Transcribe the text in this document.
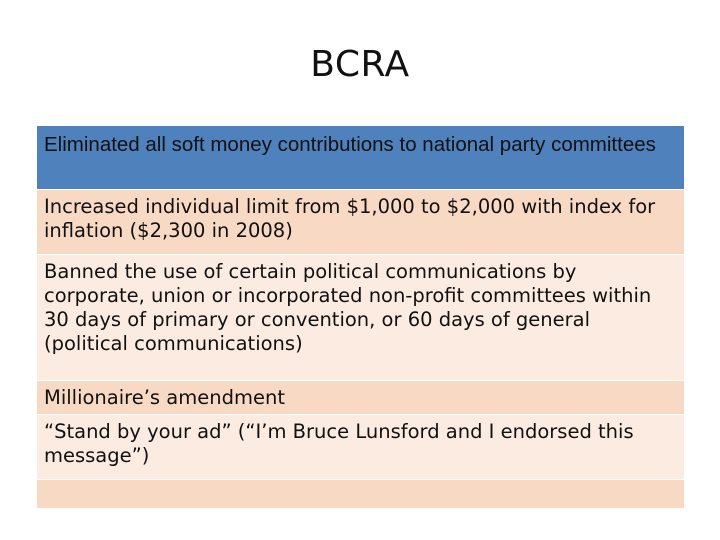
BCRA
Eliminated all soft money contributions to national party committees
Increased individual limit from $1,000 to $2,000 with index for inflation ($2,300 in 2008)
Banned the use of certain political communications by corporate, union or incorporated non-profit committees within 30 days of primary or convention, or 60 days of general (political communications)
Millionaire’s amendment
“Stand by your ad” (“I’m Bruce Lunsford and I endorsed this message”)
